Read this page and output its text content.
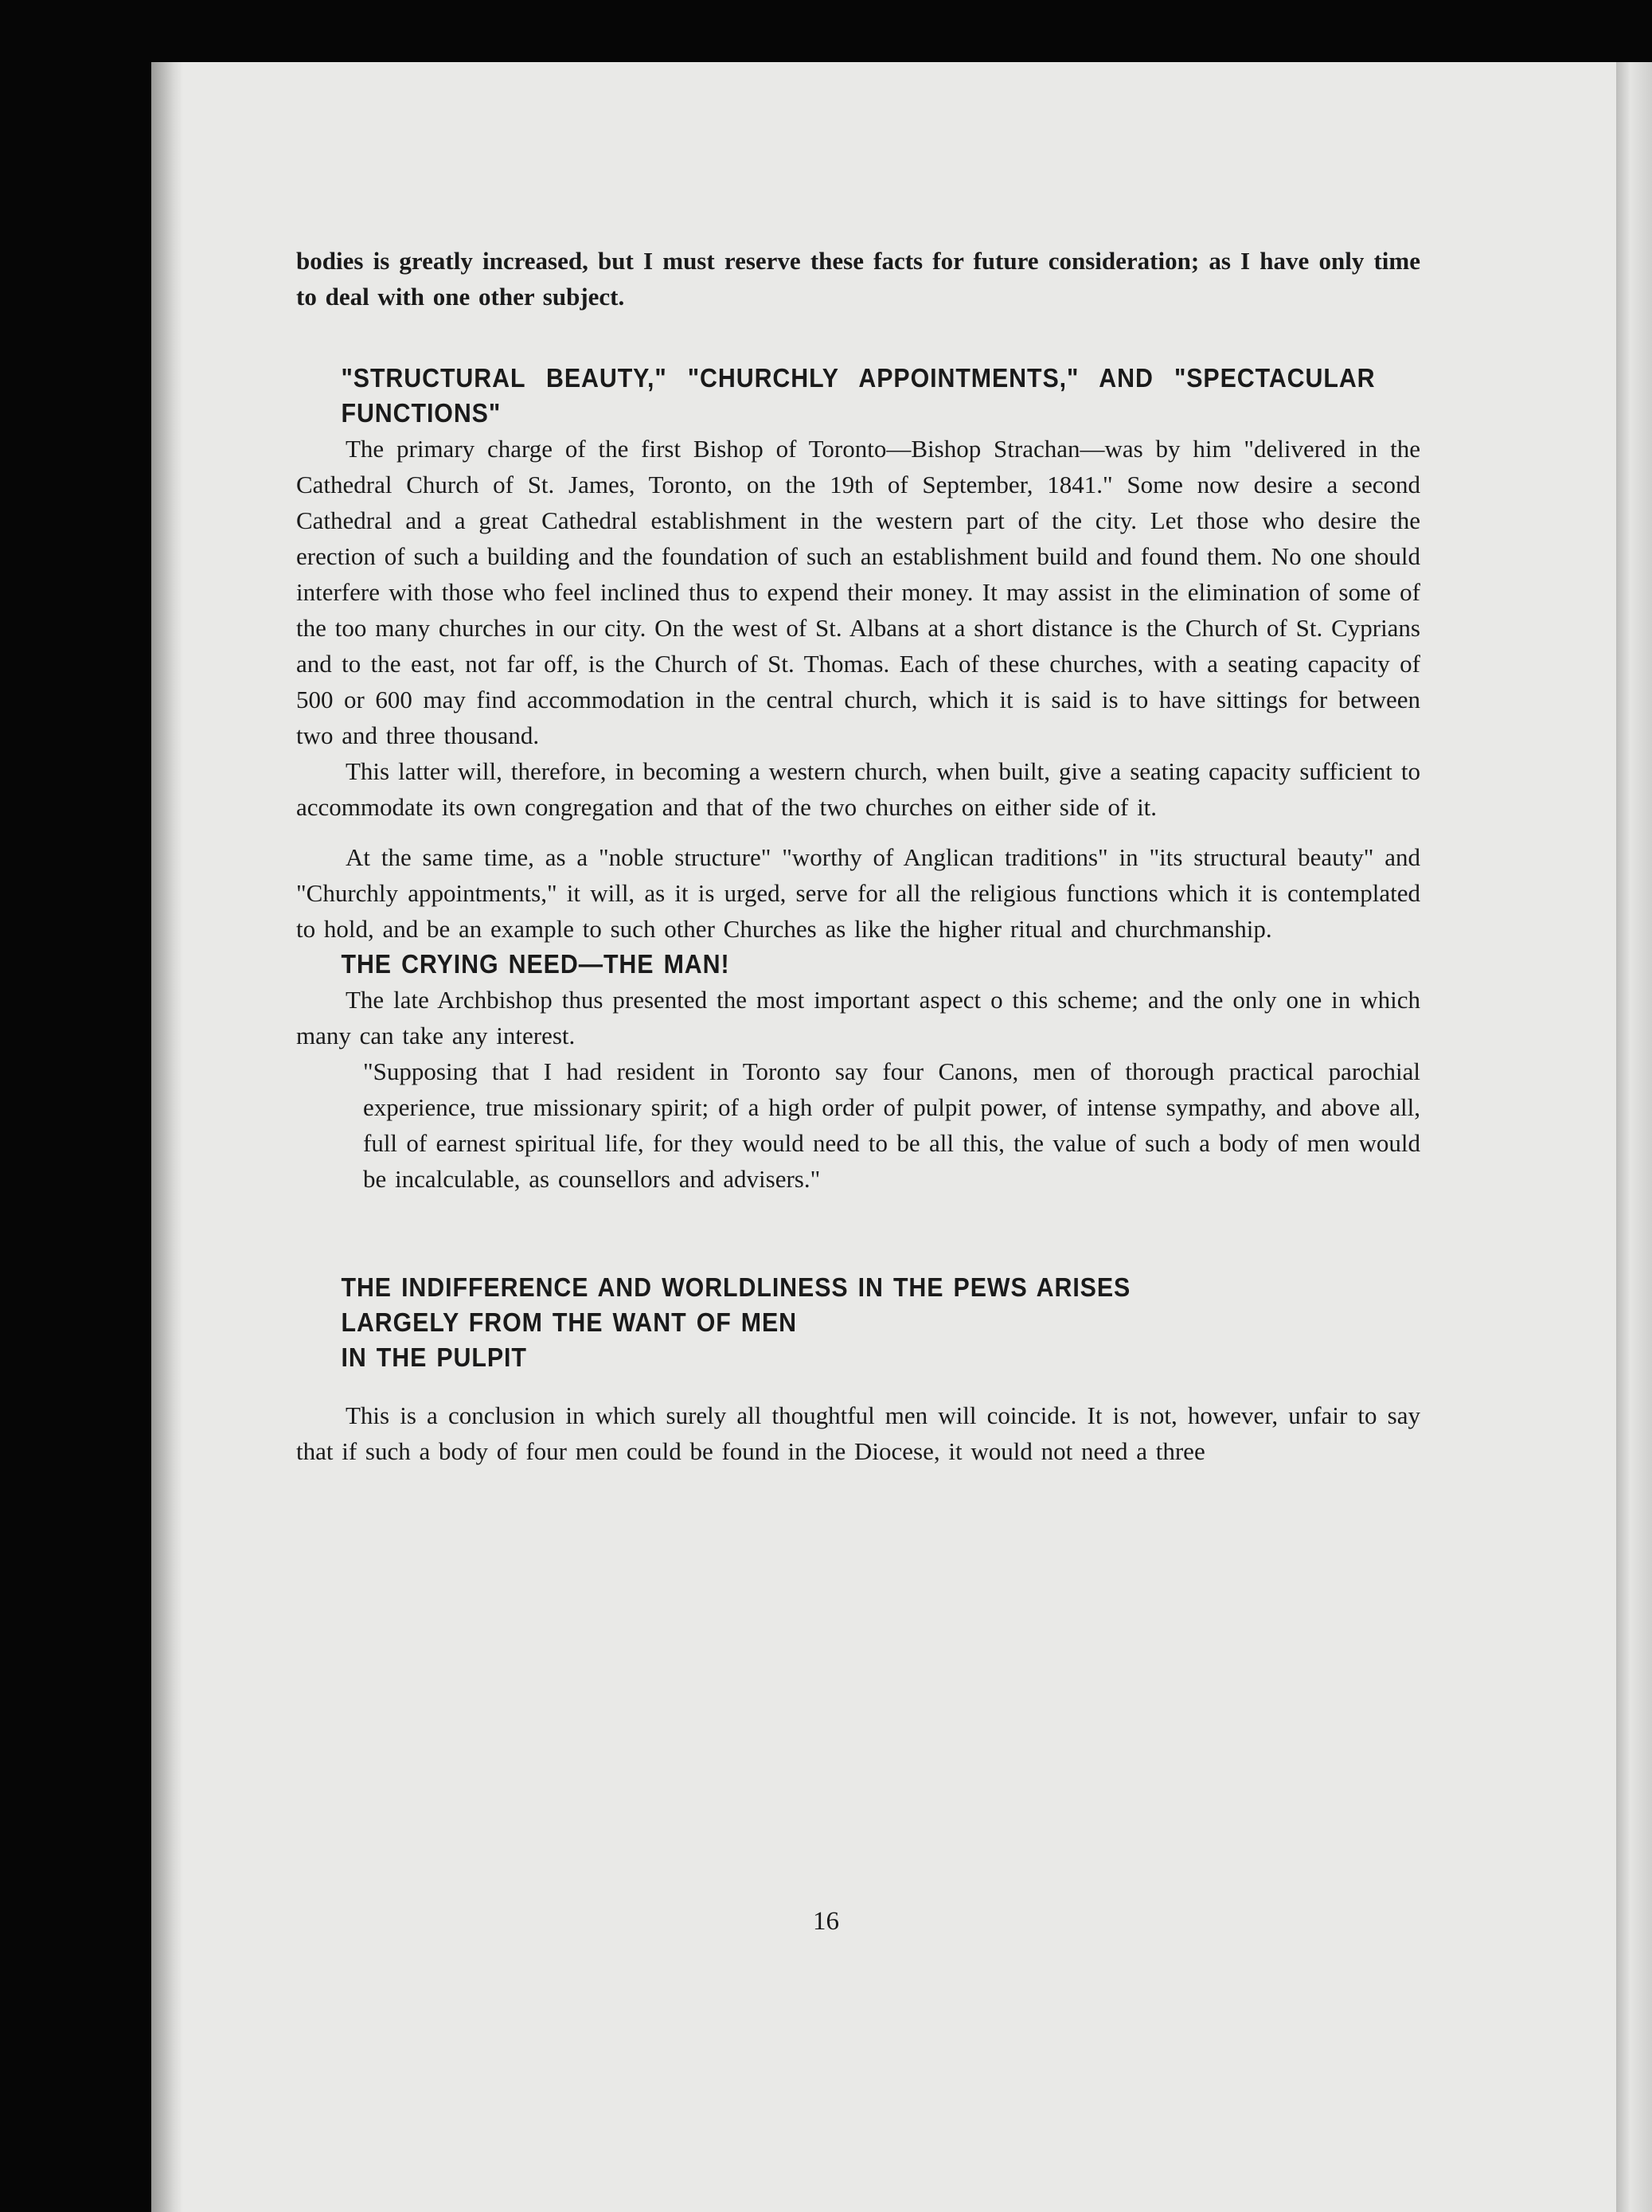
bodies is greatly increased, but I must reserve these facts for future consideration; as I have only time to deal with one other subject.

"STRUCTURAL BEAUTY," "CHURCHLY APPOINTMENTS," AND "SPECTACULAR FUNCTIONS"

The primary charge of the first Bishop of Toronto—Bishop Strachan—was by him "delivered in the Cathedral Church of St. James, Toronto, on the 19th of September, 1841." Some now desire a second Cathedral and a great Cathedral establishment in the western part of the city. Let those who desire the erection of such a building and the foundation of such an establishment build and found them. No one should interfere with those who feel inclined thus to expend their money. It may assist in the elimination of some of the too many churches in our city. On the west of St. Albans at a short distance is the Church of St. Cyprians and to the east, not far off, is the Church of St. Thomas. Each of these churches, with a seating capacity of 500 or 600 may find accommodation in the central church, which it is said is to have sittings for between two and three thousand.

This latter will, therefore, in becoming a western church, when built, give a seating capacity sufficient to accommodate its own congregation and that of the two churches on either side of it.

At the same time, as a "noble structure" "worthy of Anglican traditions" in "its structural beauty" and "Churchly appointments," it will, as it is urged, serve for all the religious functions which it is contemplated to hold, and be an example to such other Churches as like the higher ritual and churchmanship.

THE CRYING NEED—THE MAN!

The late Archbishop thus presented the most important aspect o this scheme; and the only one in which many can take any interest.

"Supposing that I had resident in Toronto say four Canons, men of thorough practical parochial experience, true missionary spirit; of a high order of pulpit power, of intense sympathy, and above all, full of earnest spiritual life, for they would need to be all this, the value of such a body of men would be incalculable, as counsellors and advisers."

THE INDIFFERENCE AND WORLDLINESS IN THE PEWS ARISES

LARGELY FROM THE WANT OF MEN

IN THE PULPIT

This is a conclusion in which surely all thoughtful men will coincide. It is not, however, unfair to say that if such a body of four men could be found in the Diocese, it would not need a three

16
